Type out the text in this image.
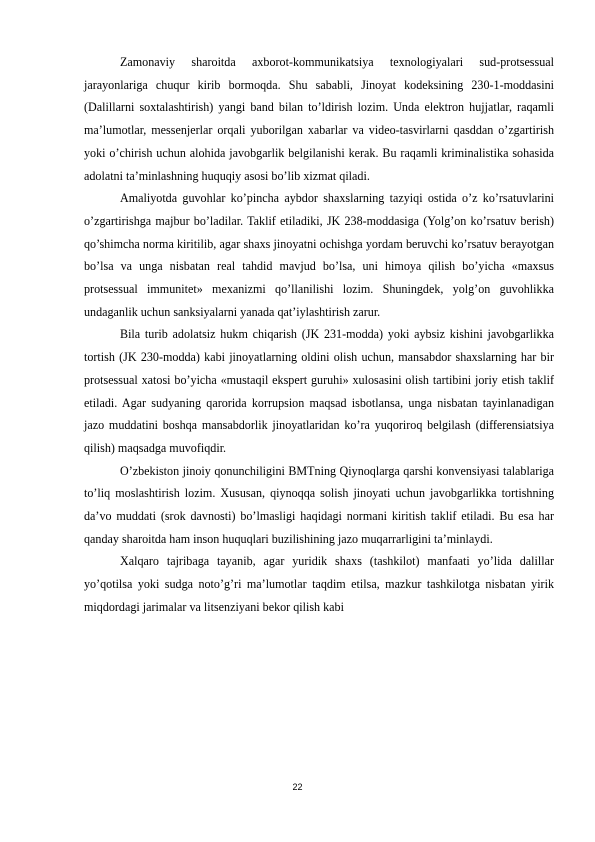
Zamonaviy sharoitda axborot-kommunikatsiya texnologiyalari sud-protsessual jarayonlariga chuqur kirib bormoqda. Shu sababli, Jinoyat kodeksining 230-1-moddasini (Dalillarni soxtalashtirish) yangi band bilan to’ldirish lozim. Unda elektron hujjatlar, raqamli ma’lumotlar, messenjerlar orqali yuborilgan xabarlar va video-tasvirlarni qasddan o’zgartirish yoki o’chirish uchun alohida javobgarlik belgilanishi kerak. Bu raqamli kriminalistika sohasida adolatni ta’minlashning huquqiy asosi bo’lib xizmat qiladi.

Amaliyotda guvohlar ko’pincha aybdor shaxslarning tazyiqi ostida o’z ko’rsatuvlarini o’zgartirishga majbur bo’ladilar. Taklif etiladiki, JK 238-moddasiga (Yolg’on ko’rsatuv berish) qo’shimcha norma kiritilib, agar shaxs jinoyatni ochishga yordam beruvchi ko’rsatuv berayotgan bo’lsa va unga nisbatan real tahdid mavjud bo’lsa, uni himoya qilish bo’yicha «maxsus protsessual immunitet» mexanizmi qo’llanilishi lozim. Shuningdek, yolg’on guvohlikka undaganlik uchun sanksiyalarni yanada qat’iylashtirish zarur.

Bila turib adolatsiz hukm chiqarish (JK 231-modda) yoki aybsiz kishini javobgarlikka tortish (JK 230-modda) kabi jinoyatlarning oldini olish uchun, mansabdor shaxslarning har bir protsessual xatosi bo’yicha «mustaqil ekspert guruhi» xulosasini olish tartibini joriy etish taklif etiladi. Agar sudyaning qarorida korrupsion maqsad isbotlansa, unga nisbatan tayinlanadigan jazo muddatini boshqa mansabdorlik jinoyatlaridan ko’ra yuqoriroq belgilash (differensiatsiya qilish) maqsadga muvofiqdir.

O’zbekiston jinoiy qonunchiligini BMTning Qiynoqlarga qarshi konvensiyasi talablariga to’liq moslashtirish lozim. Xususan, qiynoqqa solish jinoyati uchun javobgarlikka tortishning da’vo muddati (srok davnosti) bo’lmasligi haqidagi normani kiritish taklif etiladi. Bu esa har qanday sharoitda ham inson huquqlari buzilishining jazo muqarrarligini ta’minlaydi.

Xalqaro tajribaga tayanib, agar yuridik shaxs (tashkilot) manfaati yo’lida dalillar yo’qotilsa yoki sudga noto’g’ri ma’lumotlar taqdim etilsa, mazkur tashkilotga nisbatan yirik miqdordagi jarimalar va litsenziyani bekor qilish kabi

22
